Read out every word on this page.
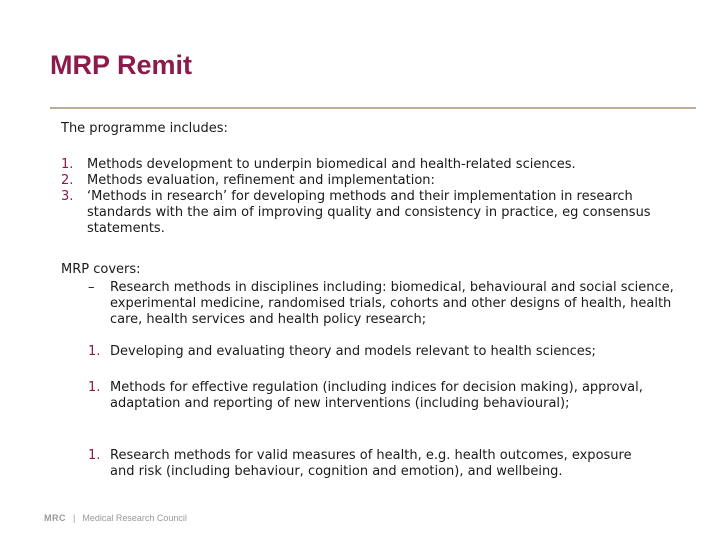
MRP Remit
The programme includes:
1.	Methods development to underpin biomedical and health-related sciences.
2.	Methods evaluation, refinement and implementation:
3.	‘Methods in research’ for developing methods and their implementation in research standards with the aim of improving quality and consistency in practice, eg consensus statements.
MRP covers:
–	Research methods in disciplines including: biomedical, behavioural and social science, experimental medicine, randomised trials, cohorts and other designs of health, health care, health services and health policy research;
1. Developing and evaluating theory and models relevant to health sciences;
1. Methods for effective regulation (including indices for decision making), approval, adaptation and reporting of new interventions (including behavioural);
1. Research methods for valid measures of health, e.g. health outcomes, exposure and risk (including behaviour, cognition and emotion), and wellbeing.
MRC | Medical Research Council
